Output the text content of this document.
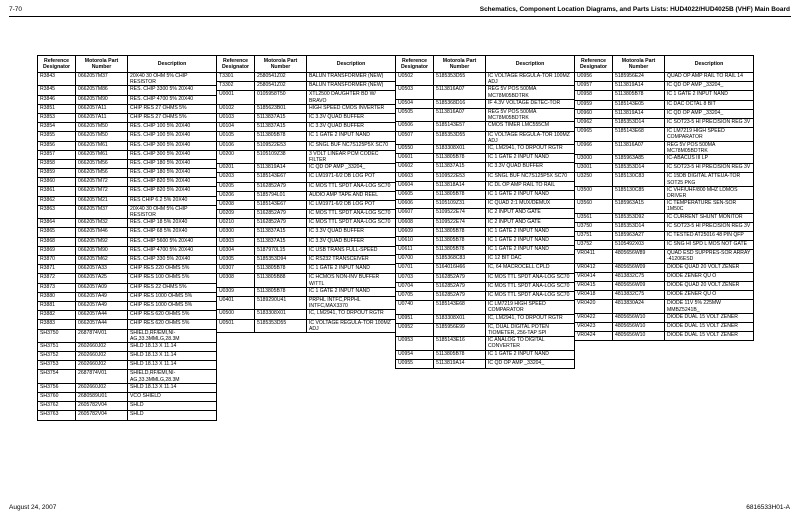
7-70	Schematics, Component Location Diagrams, and Parts Lists: HUD4022/HUD4025B (VHF) Main Board
Reference Designator	Motorola Part Number	Description
R3843	0662057M37	20X40 30 OHM 5% CHIP RESISTOR
R3845	0662057M86	RES. CHIP 3300 5% 20X40
R3846	0662057M90	RES. CHIP 4700 5% 20X40
R3851	0662057A11	CHIP RES 27 OHMS 5%
R3853	0662057A11	CHIP RES 27 OHMS 5%
R3854	0662057M50	RES. CHIP 100 5% 20X40
R3855	0662057M50	RES. CHIP 100 5% 20X40
R3856	0662057M61	RES. CHIP 300 5% 20X40
R3857	0662057M61	RES. CHIP 300 5% 20X40
R3858	0662057M56	RES. CHIP 180 5% 20X40
R3859	0662057M56	RES. CHIP 180 5% 20X40
R3860	0662057M72	RES. CHIP 820 5% 20X40
R3861	0662057M72	RES. CHIP 820 5% 20X40
R3862	0662057M21	RES CHIP 6.2 5% 20X40
R3863	0662057M37	20X40 30 OHM 5% CHIP RESISTOR
R3864	0662057M32	RES. CHIP 18 5% 20X40
R3865	0662057M46	RES. CHIP 68 5% 20X40
R3868	0662057M92	RES. CHIP 5600 5% 20X40
R3869	0662057M90	RES. CHIP 4700 5% 20X40
R3870	0662057M62	RES. CHIP 330 5% 20X40
R3871	0662057A33	CHIP RES 220 OHMS 5%
R3872	0662057A25	CHIP RES 100 OHMS 5%
R3873	0662057A09	CHIP RES 22 OHMS 5%
R3880	0662057A49	CHIP RES 1000 OHMS 5%
R3881	0662057A49	CHIP RES 1000 OHMS 5%
R3882	0662057A44	CHIP RES 620 OHMS 5%
R3883	0662057A44	CHIP RES 620 OHMS 5%
SH3750	2687874V01	SHIELD,RF/EMI,NI-AG,33.3MMLG,28.3M
SH3751	2602660J02	SHLD 18.13 X 11.14
SH3752	2602660J02	SHLD 18.13 X 11.14
SH3753	2602660J02	SHLD 18.13 X 11.14
SH3754	2687874V01	SHIELD,RF/EMI,NI-AG,33.3MMLG,28.3M
SH3756	2602660J02	SHLD 18.13 X 11.14
SH3760	2680589U01	VCO SHIELD
SH3762	2605782V04	SHLD
SH3763	2605782V04	SHLD
Reference Designator	Motorola Part Number	Description
T3301	2580541Z02	BALUN TRANSFORMER (NEW)
T3302	2580541Z02	BALUN TRANSFORMER (NEW)
U0001	0105958T50	XTL2500 DAUGHTER BD W/ BRAVO
U0102	5185623B01	HIGH SPEED CMOS INVERTER
U0103	5113837A15	IC 3.3V QUAD BUFFER
U0104	5113837A15	IC 3.3V QUAD BUFFER
U0105	5113805B78	IC 1 GATE 2 INPUT NAND
U0106	5109522E53	IC SNGL BUF NC7S125P5X SC70
U0200	5105109Z38	3 VOLT LINEAR PCM CODEC FILTER
U0201	5113819A14	IC QD OP AMP _33204_
U0203	5185143E67	IC LM1971-6/2 DB LOG POT
U0205	5162852A79	IC MOS TTL SPDT ANA-LOG SC70
U0206	5185794L01	AUDIO AMP TAPE AND REEL
U0208	5185143E67	IC LM1971-6/2 DB LOG POT
U0209	5162852A79	IC MOS TTL SPDT ANA-LOG SC70
U0210	5162852A79	IC MOS TTL SPDT ANA-LOG SC70
U0300	5113837A15	IC 3.3V QUAD BUFFER
U0303	5113837A15	IC 3.3V QUAD BUFFER
U0304	5187970L15	IC USB TRANS FULL-SPEED
U0305	5185353D94	IC RS232 TRANSCEIVER
U0307	5113805B78	IC 1 GATE 2 INPUT NAND
U0308	5113805B88	IC HCMOS NON-INV BUFFER W/TTL
U0309	5113805B78	IC 1 GATE 2 INPUT NAND
U0401	5189290U41	PRPHL INTFC,PRPHL INTFC,MAX3370
U0500	5183308X01	IC, LM2941, TO DRPOUT RGTR
U0501	5185353D55	IC VOLTAGE REGULA-TOR 100MZ ADJ
Reference Designator	Motorola Part Number	Description
U0502	5185353D55	IC VOLTAGE REGULA-TOR 100MZ ADJ
U0503	5113816A07	REG 5V POS 500MA MC78M05BDTRK
U0504	5185368D16	IF 4.3V VOLTAGE DETEC-TOR
U0505	5113816A07	REG 5V POS 500MA MC78M05BDTRK
U0506	5185143E57	CMOS TIMER LMC555CM
U0507	5185353D55	IC VOLTAGE REGULA-TOR 100MZ ADJ
U0550	5183308X01	IC, LM2941, TO DRPOUT RGTR
U0601	5113805B78	IC 1 GATE 2 INPUT NAND
U0602	5113837A15	IC 3.3V QUAD BUFFER
U0603	5109522E53	IC SNGL BUF NC7S125P5X SC70
U0604	5113818A14	IC DL OP AMP RAIL TO RAIL
U0605	5113805B78	IC 1 GATE 2 INPUT NAND
U0606	5105109Z31	IC QUAD 2:1 MUX/DEMUX
U0607	5109522E74	IC 2 INPUT AND GATE
U0608	5109522E74	IC 2 INPUT AND GATE
U0609	5113805B78	IC 1 GATE 2 INPUT NAND
U0610	5113805B78	IC 1 GATE 2 INPUT NAND
U0611	5113805B78	IC 1 GATE 2 INPUT NAND
U0700	5185368C83	IC 12 BIT DAC
U0701	5164016H66	IC, 64 MACROCELL CPLD
U0703	5162852A79	IC MOS TTL SPDT ANA-LOG SC70
U0704	5162852A79	IC MOS TTL SPDT ANA-LOG SC70
U0705	5162852A79	IC MOS TTL SPDT ANA-LOG SC70
U0740	5185143E68	IC LM7219 HIGH SPEED COMPARATOR
U0951	5183308X01	IC, LM2941, TO DRPOUT RGTR
U0952	5185956E99	IC, DUAL DIGITAL POTEN TIOMETER, 256-TAP SPI
U0953	5185143E16	IC ANALOG TO DIGITAL CONVERTER
U0954	5113805B78	IC 1 GATE 2 INPUT NAND
U0955	5113819A14	IC QD OP AMP _33204_
Reference Designator	Motorola Part Number	Description
U0956	5185956E24	QUAD OP AMP RAIL TO RAIL 14
U0957	5113819A14	IC QD OP AMP _33204_
U0958	5113805B78	IC 1 GATE 2 INPUT NAND
U0959	5185143E05	IC DAC OCTAL 8 BIT
U0960	5113819A14	IC QD OP AMP _33204_
U0962	5185353D14	IC SOT23-5 HI PRECISION REG 3V
U0965	5185143E68	IC LM7219 HIGH SPEED COMPARATOR
U0966	5113816A07	REG 5V POS 500MA MC78M05BDTRK
U3000	5185963A85	IC-ABACUS III LP
U3001	5185353D14	IC SOT23-5 HI PRECISION REG 3V
U3250	5185130C83	IC 15DB DIGITAL ATTEUA-TOR SOT25 PKG
U3500	5185130C85	IC VHF/UHF/800 MHZ LDMOS DRIVER
U3560	5185963A15	IC TEMPERATURE SEN-SOR 1M50C
U3561	5185353D92	IC CURRENT SHUNT MONITOR
U3750	5185353D14	IC SOT23-5 HI PRECISION REG 3V
U3751	5185963A27	IC TESTED AT25016 48 PIN QFP
U3752	5105492X03	IC SNG HI SPD L MOS NOT GATE
VR0411	4805656W89	QUAD ESD SUPPRES-SOR ARRAY -41206ESD
VR0412	4805656W09	DIODE QUAD 20 VOLT ZENER
VR0414	4813832C75	DIODE ZENER QU O
VR0415	4805656W09	DIODE QUAD 20 VOLT ZENER
VR0418	4813832C75	DIODE ZENER QU O
VR0420	4813830A24	DIODE 11V 5% 225MW MMBZ5241B_
VR0422	4805656W10	DIODE DUAL 15 VOLT ZENER
VR0423	4805656W10	DIODE DUAL 15 VOLT ZENER
VR0424	4805656W10	DIODE DUAL 15 VOLT ZENER
August 24, 2007	6816533H01-A
